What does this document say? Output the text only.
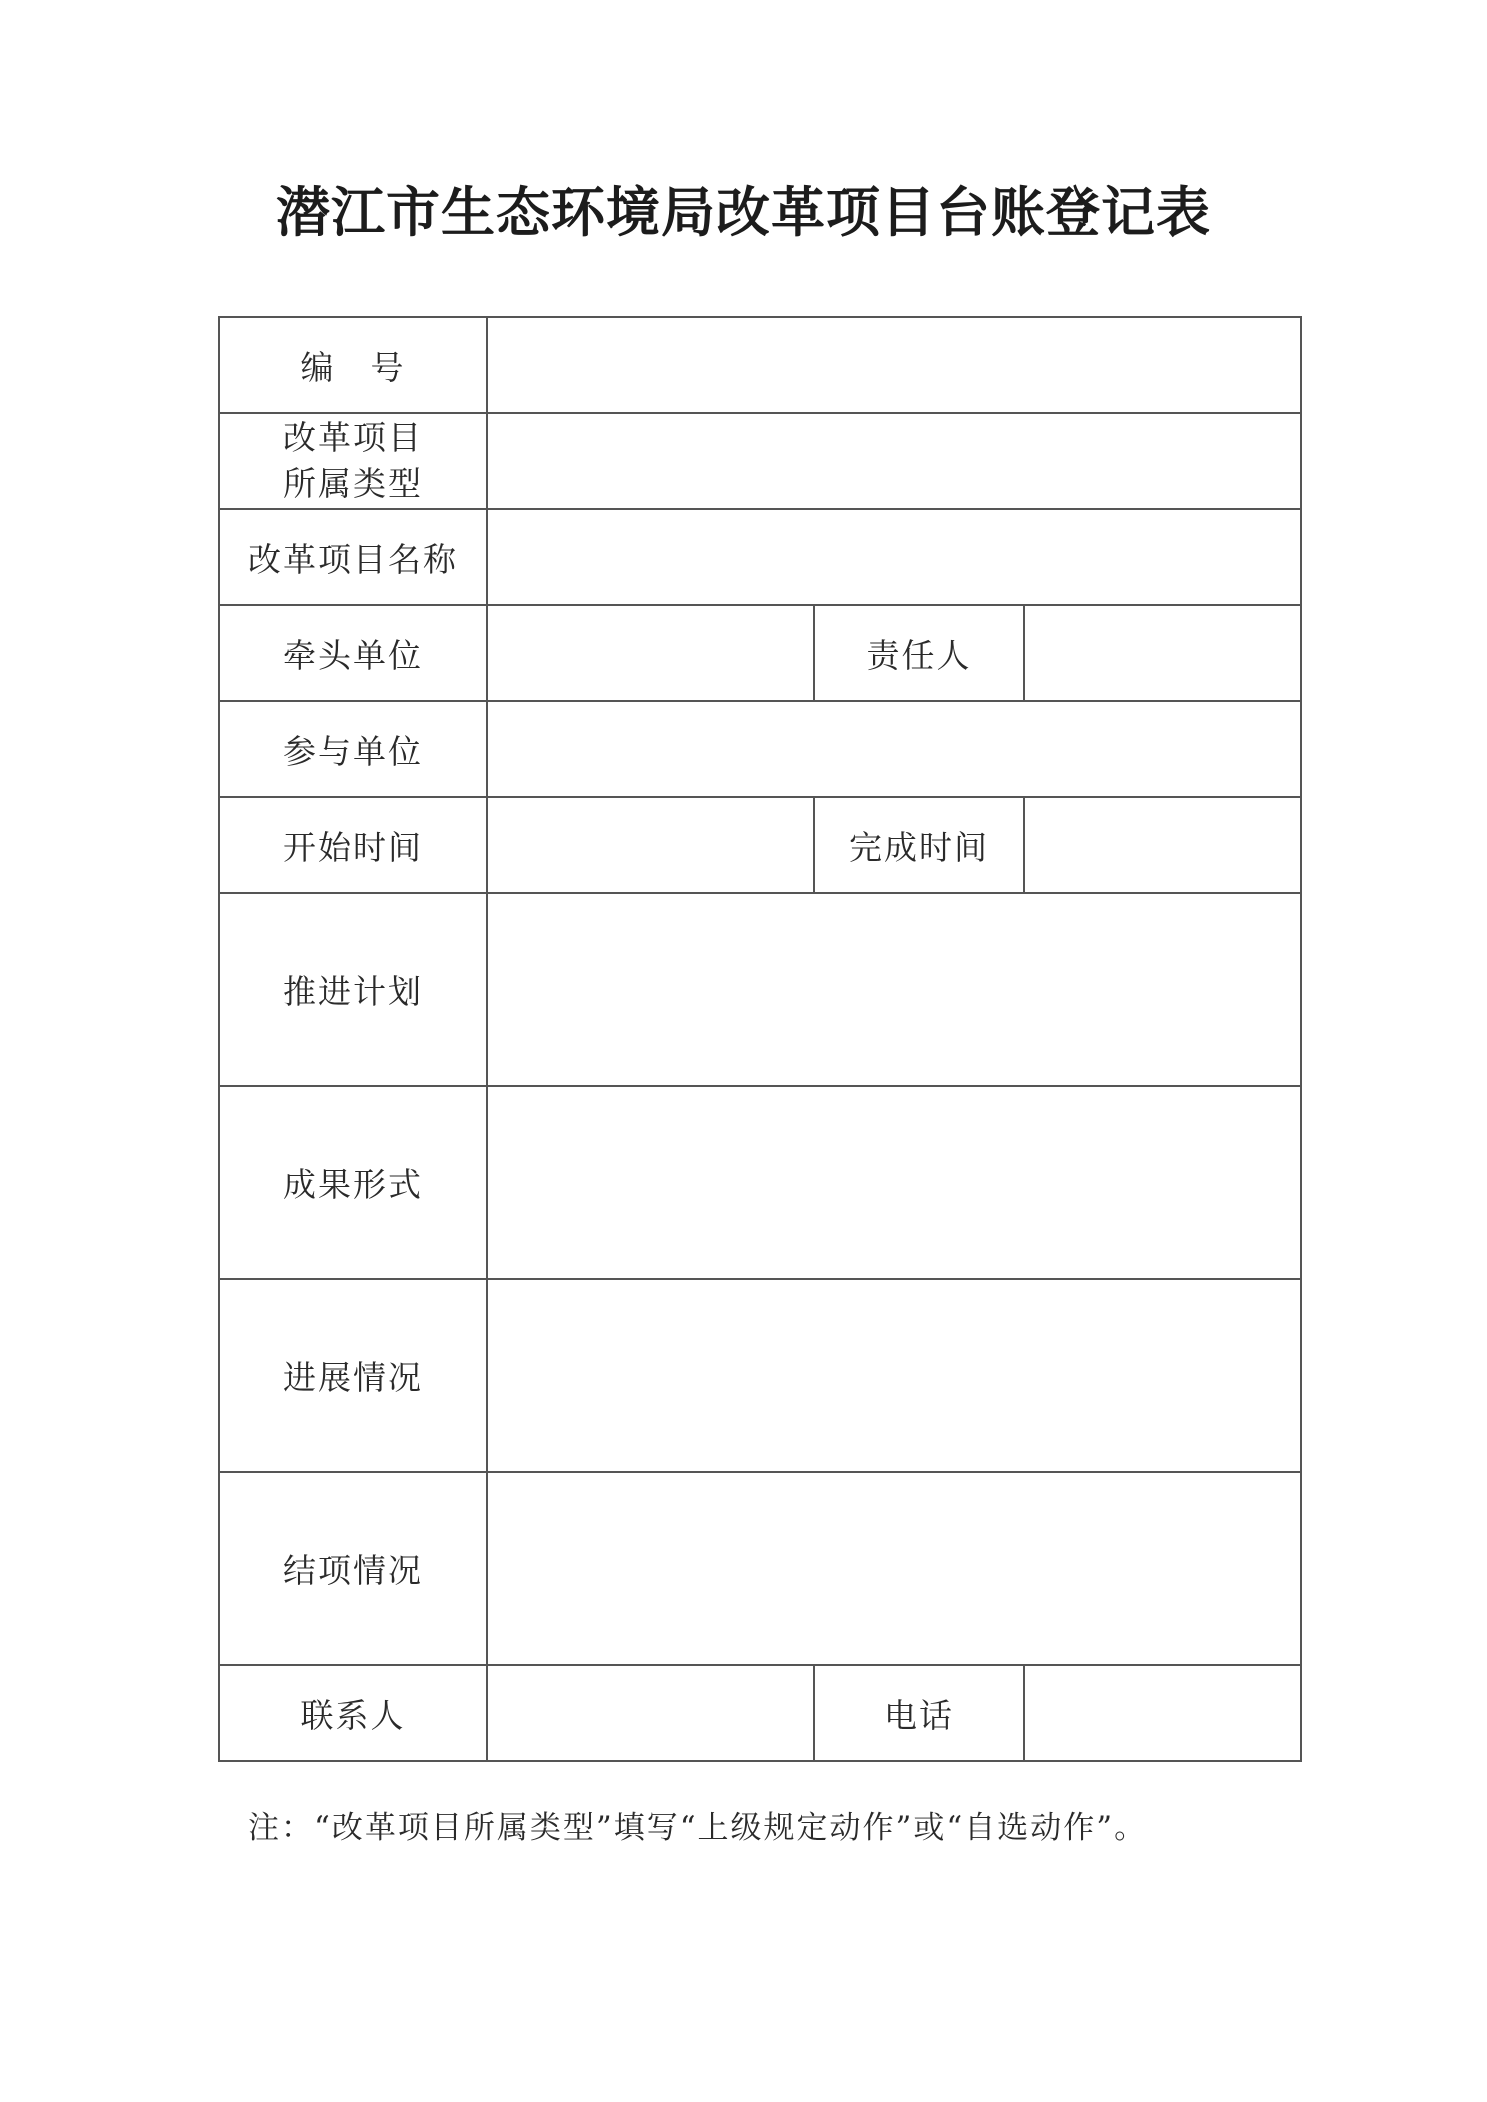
潜江市生态环境局改革项目台账登记表
编　号			

改革项目
所属类型			

改革项目名称			
牵头单位		责任人	
参与单位			
开始时间		完成时间	
推进计划			
成果形式			
进展情况			
结项情况			
联系人		电话	
注：“改革项目所属类型”填写“上级规定动作”或“自选动作”。
